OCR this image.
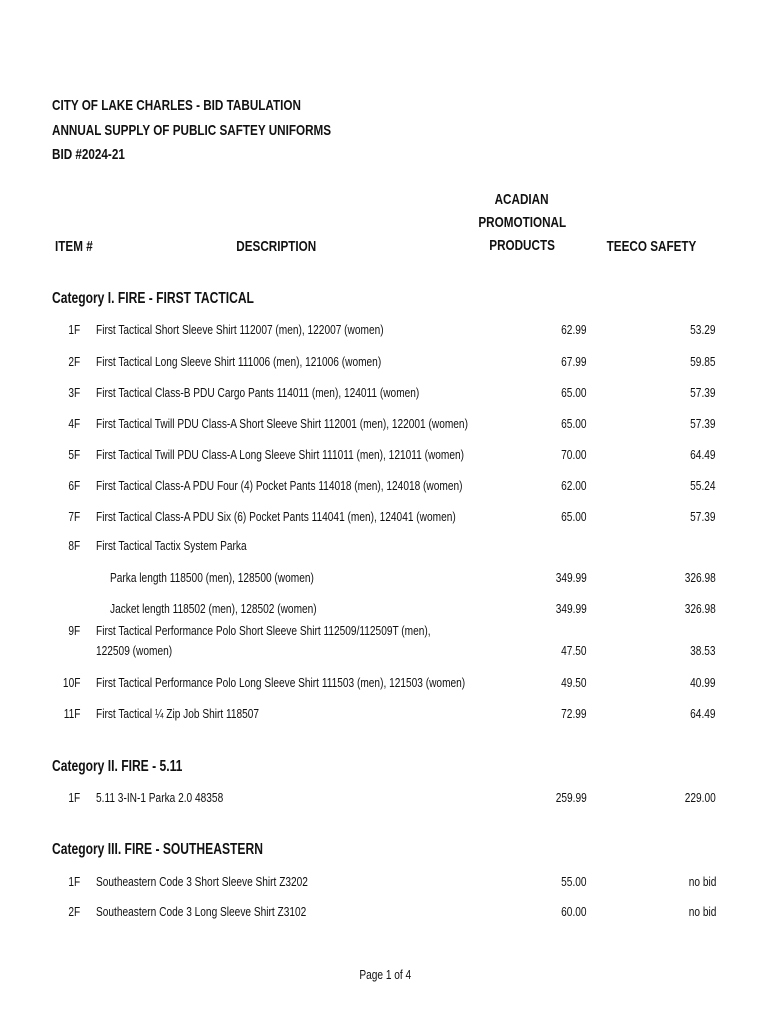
CITY OF LAKE CHARLES - BID TABULATION
ANNUAL SUPPLY OF PUBLIC SAFTEY UNIFORMS
BID #2024-21
ITEM #	DESCRIPTION
ACADIAN
PROMOTIONAL
PRODUCTS	TEECO SAFETY
Category I. FIRE - FIRST TACTICAL
1F First Tactical Short Sleeve Shirt 112007 (men), 122007 (women)	62.99	53.29
2F First Tactical Long Sleeve Shirt 111006 (men), 121006 (women)	67.99	59.85
3F First Tactical Class-B PDU Cargo Pants 114011 (men), 124011 (women)	65.00	57.39
4F First Tactical Twill PDU Class-A Short Sleeve Shirt 112001 (men), 122001 (women)	65.00	57.39
5F First Tactical Twill PDU Class-A Long Sleeve Shirt 111011 (men), 121011 (women)	70.00	64.49
6F First Tactical Class-A PDU Four (4) Pocket Pants 114018 (men), 124018 (women)	62.00	55.24
7F First Tactical Class-A PDU Six (6) Pocket Pants 114041 (men), 124041 (women)	65.00	57.39
8F First Tactical Tactix System Parka
Parka length 118500 (men), 128500 (women)	349.99	326.98
Jacket length 118502 (men), 128502 (women)	349.99	326.98
9F First Tactical Performance Polo Short Sleeve Shirt 112509/112509T (men),
122509 (women)	47.50	38.53
10F First Tactical Performance Polo Long Sleeve Shirt 111503 (men), 121503 (women)	49.50	40.99
11F First Tactical ¼ Zip Job Shirt 118507	72.99	64.49
Category II. FIRE - 5.11
1F 5.11 3-IN-1 Parka 2.0 48358	259.99	229.00
Category III. FIRE - SOUTHEASTERN
1F Southeastern Code 3 Short Sleeve Shirt Z3202	55.00	no bid
2F Southeastern Code 3 Long Sleeve Shirt Z3102	60.00	no bid
Page 1 of 4
